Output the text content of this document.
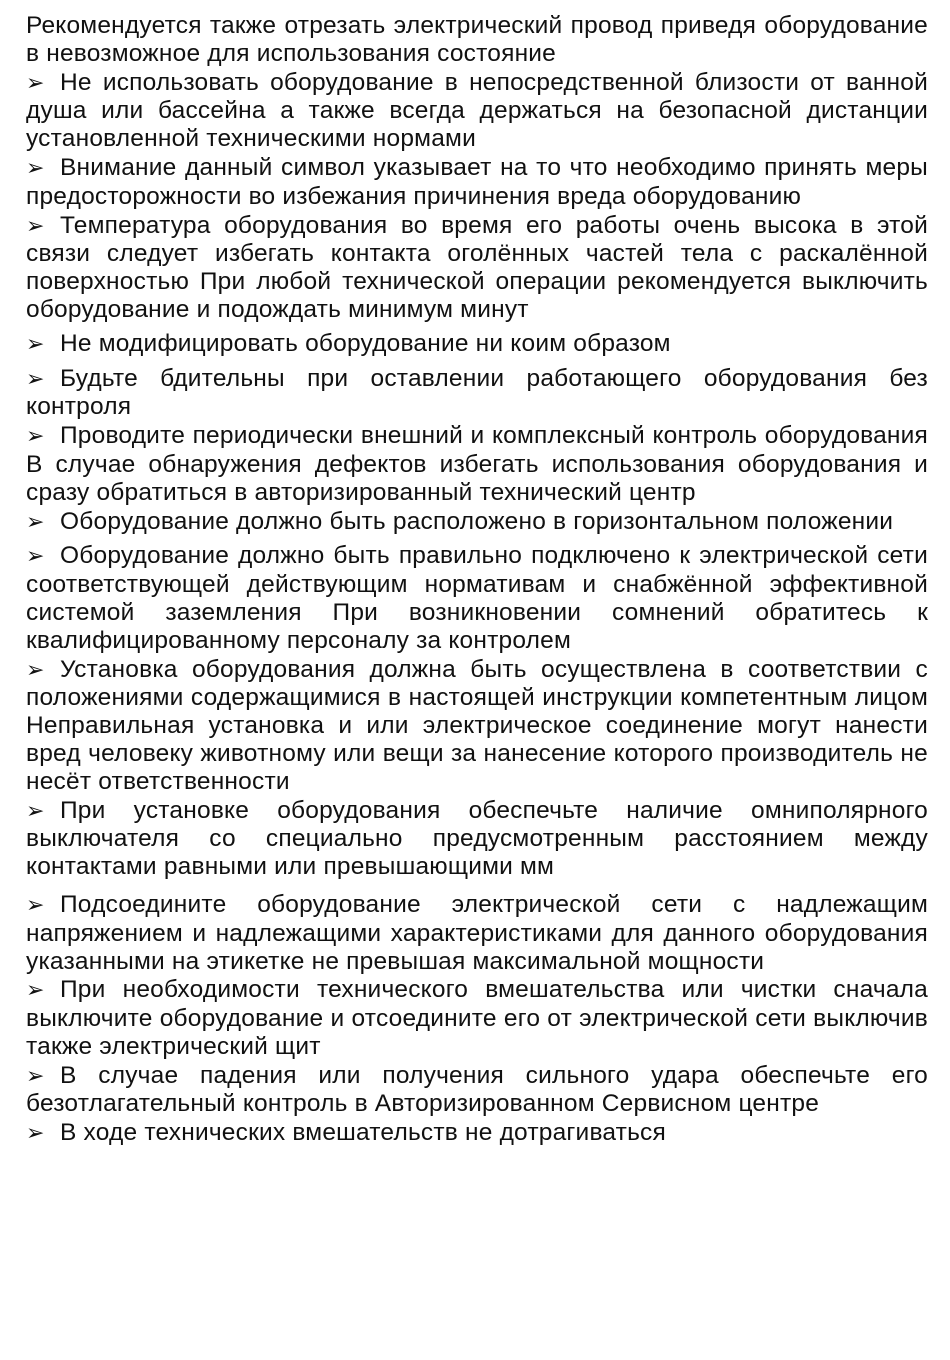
Рекомендуется также отрезать электрический провод приведя оборудование в невозможное для использования состояние

➢ Не использовать оборудование в непосредственной близости от ванной душа или бассейна а также всегда держаться на безопасной дистанции установленной техническими нормами

➢ Внимание данный символ указывает на то что необходимо принять меры предосторожности во избежания причинения вреда оборудованию

➢ Температура оборудования во время его работы очень высока в этой связи следует избегать контакта оголённых частей тела с раскалённой поверхностью При любой технической операции рекомендуется выключить оборудование и подождать минимум минут

➢ Не модифицировать оборудование ни коим образом

➢ Будьте бдительны при оставлении работающего оборудования без контроля

➢ Проводите периодически внешний и комплексный контроль оборудования В случае обнаружения дефектов избегать использования оборудования и сразу обратиться в авторизированный технический центр

➢ Оборудование должно быть расположено в горизонтальном положении

➢ Оборудование должно быть правильно подключено к электрической сети соответствующей действующим нормативам и снабжённой эффективной системой заземления При возникновении сомнений обратитесь к квалифицированному персоналу за контролем

➢ Установка оборудования должна быть осуществлена в соответствии с положениями содержащимися в настоящей инструкции компетентным лицом Неправильная установка и или электрическое соединение могут нанести вред человеку животному или вещи за нанесение которого производитель не несёт ответственности

➢ При установке оборудования обеспечьте наличие омниполярного выключателя со специально предусмотренным расстоянием между контактами равными или превышающими мм

➢ Подсоедините оборудование электрической сети с надлежащим напряжением и надлежащими характеристиками для данного оборудования указанными на этикетке не превышая максимальной мощности

➢ При необходимости технического вмешательства или чистки сначала выключите оборудование и отсоедините его от электрической сети выключив также электрический щит

➢ В случае падения или получения сильного удара обеспечьте его безотлагательный контроль в Авторизированном Сервисном центре

➢ В ходе технических вмешательств не дотрагиваться
